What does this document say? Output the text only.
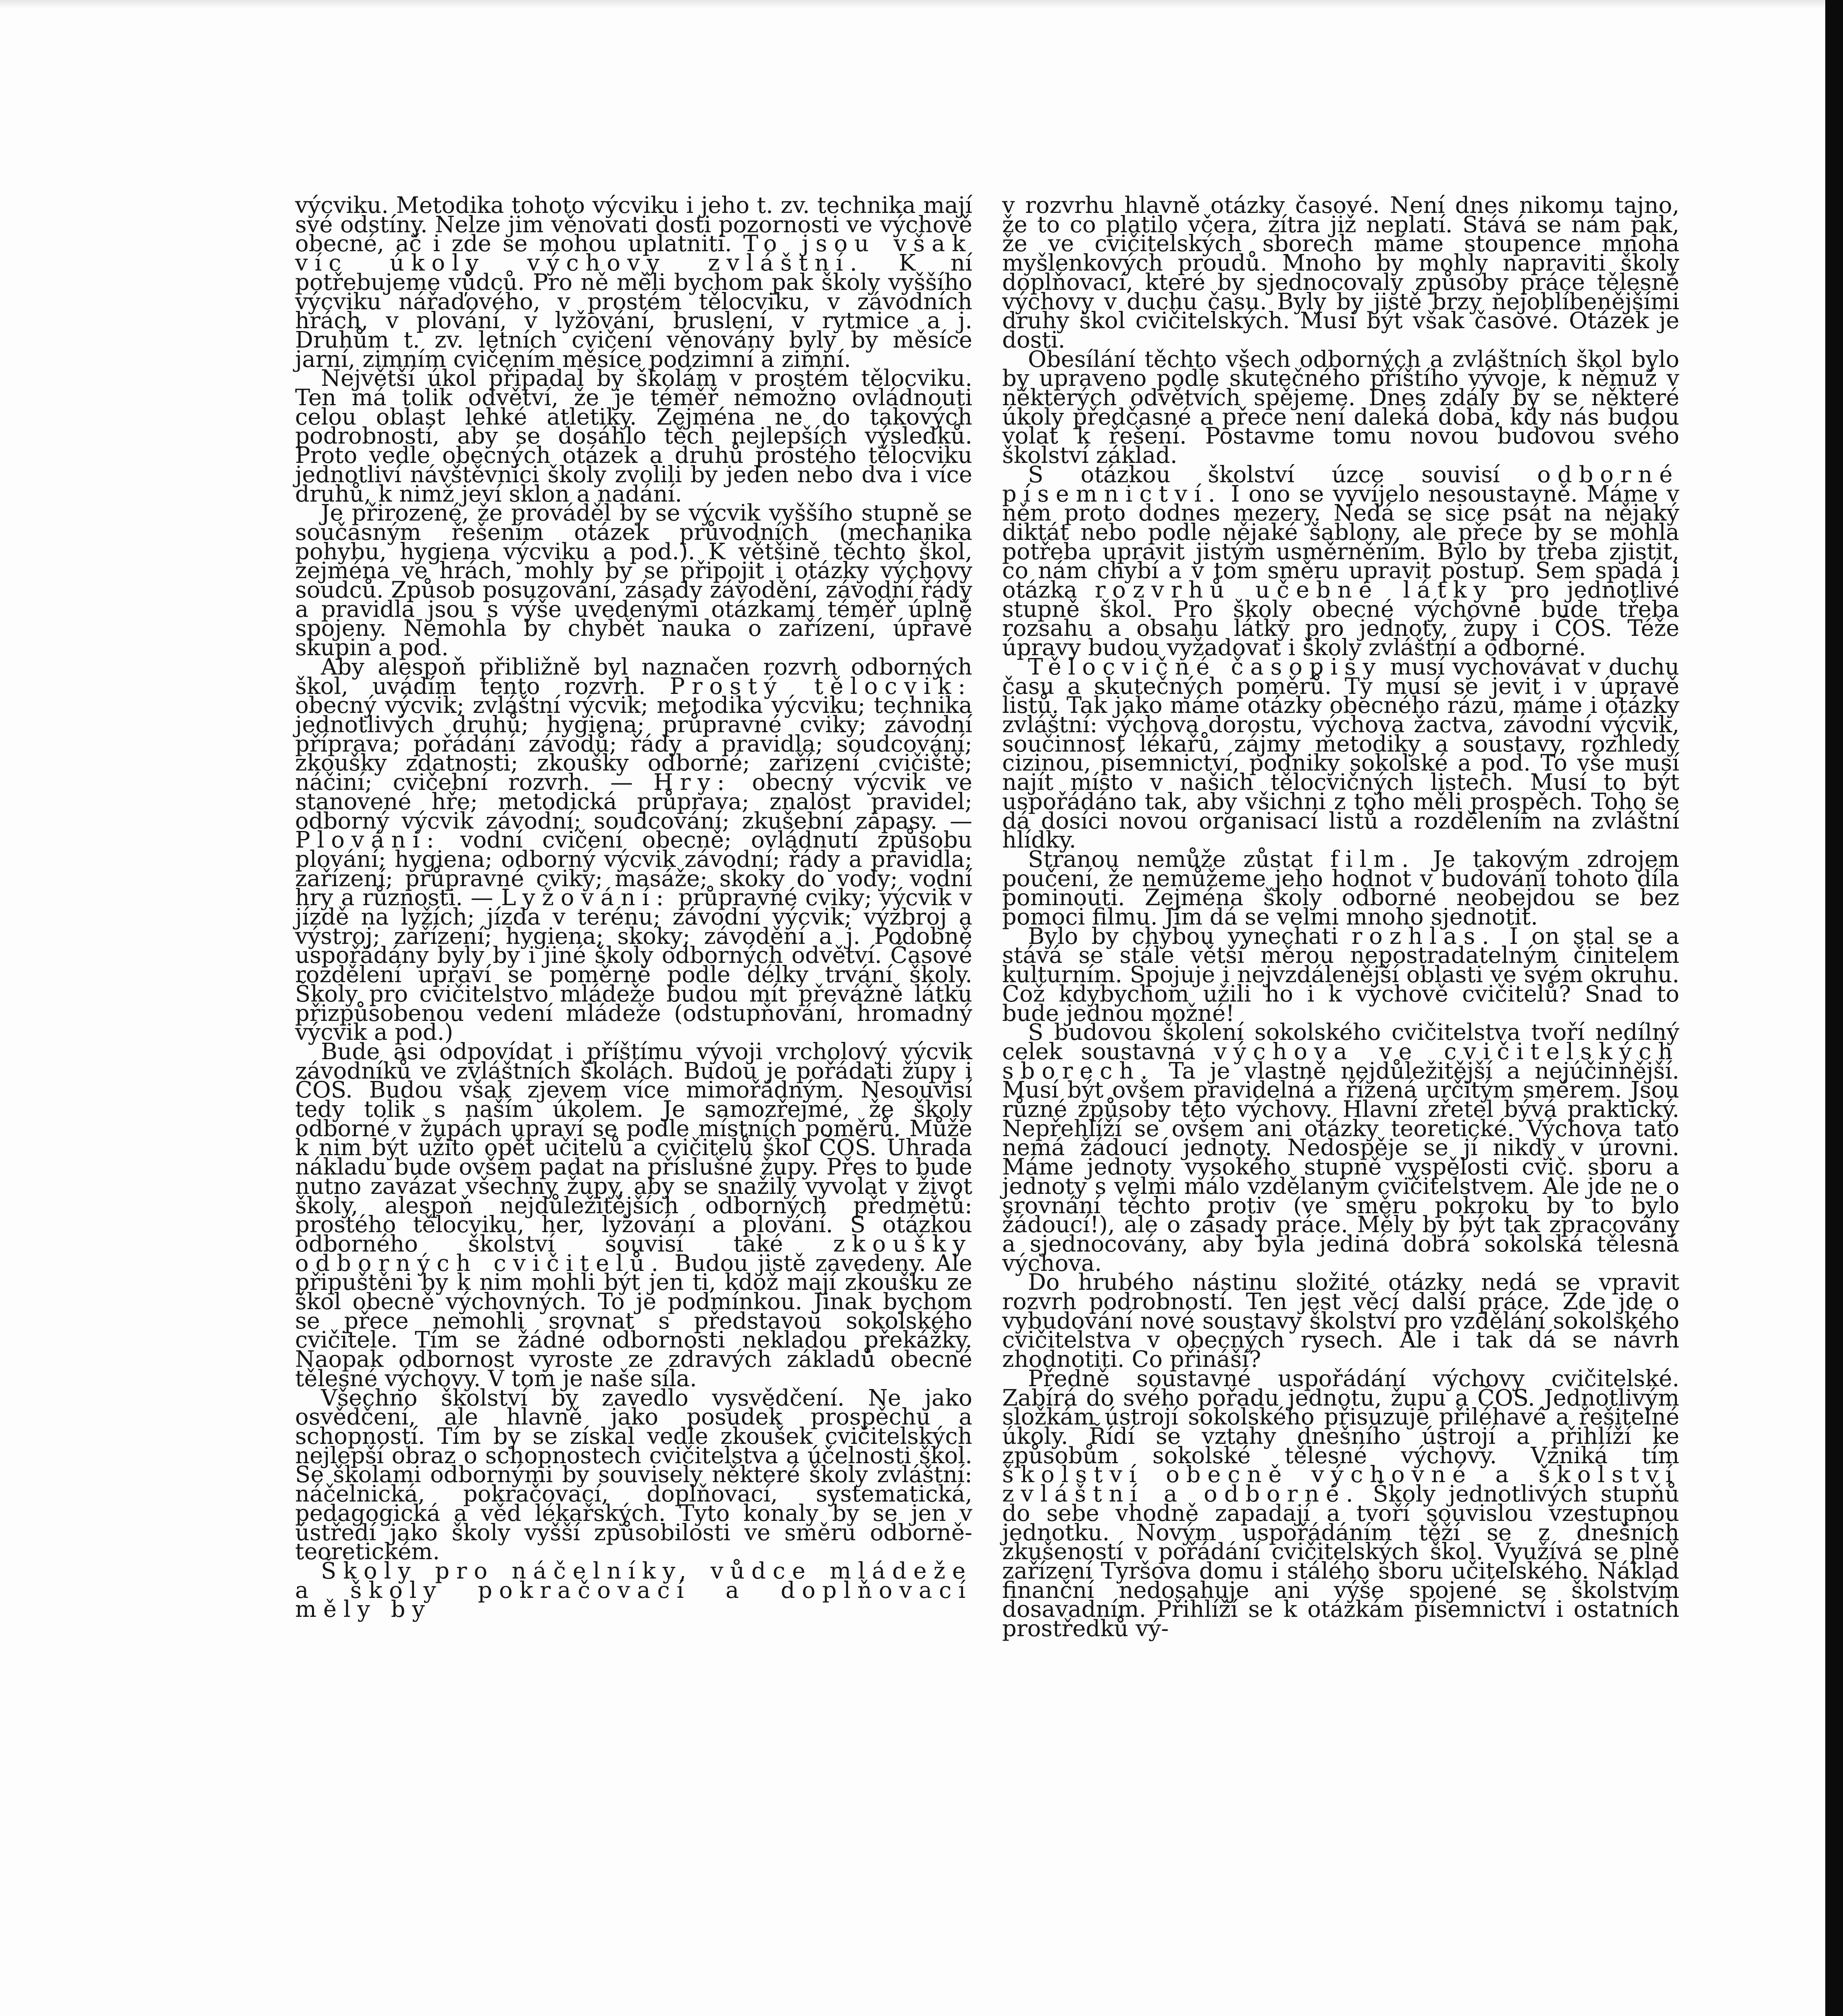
výcviku. Metodika tohoto výcviku i jeho t. zv. technika mají své odstíny. Nelze jim věnovati dosti pozornosti ve výchově obecné, ač i zde se mohou uplatniti. To jsou však víc úkoly výchovy zvláštní. K ní potřebujeme vůdců. Pro ně měli bychom pak školy vyššího výcviku nářaďového, v prostém tělocviku, v závodních hrách, v plování, v lyžování, bruslení, v rytmice a j. Druhům t. zv. letních cvičení věnovány byly by měsíce jarní, zimním cvičením měsíce podzimní a zimní.

Největší úkol připadal by školám v prostém tělocviku. Ten má tolik odvětví, že je téměř nemožno ovládnouti celou oblast lehké atletiky. Zejména ne do takových podrobností, aby se dosáhlo těch nejlepších výsledků. Proto vedle obecných otázek a druhů prostého tělocviku jednotliví návštěvníci školy zvolili by jeden nebo dva i více druhů, k nimž jeví sklon a nadání.

Je přirozené, že prováděl by se výcvik vyššího stupně se současným řešením otázek průvodních (mechanika pohybu, hygiena výcviku a pod.). K většině těchto škol, zejména ve hrách, mohly by se připojit i otázky výchovy soudců. Způsob posuzování, zásady závodění, závodní řády a pravidla jsou s výše uvedenými otázkami téměř úplně spojeny. Nemohla by chybět nauka o zařízení, úpravě skupin a pod.

Aby alespoň přibližně byl naznačen rozvrh odborných škol, uvádím tento rozvrh. Prostý tělocvik: obecný výcvik; zvláštní výcvik; metodika výcviku; technika jednotlivých druhů; hygiena; průpravné cviky; závodní příprava; pořádání závodů; řády a pravidla; soudcování; zkoušky zdatnosti; zkoušky odborné; zařízení cvičiště; náčiní; cvičební rozvrh. — Hry: obecný výcvik ve stanovené hře; metodická průprava; znalost pravidel; odborný výcvik závodní; soudcování; zkušební zápasy. — Plování: vodní cvičení obecně; ovládnutí způsobu plování; hygiena; odborný výcvik závodní; řády a pravidla; zařízení; průpravné cviky; masáže; skoky do vody; vodní hry a různosti. — Lyžování: průpravné cviky; výcvik v jízdě na lyžích; jízda v terénu; závodní výcvik; výzbroj a výstroj; zařízení; hygiena; skoky; závodění a j. Podobně uspořádány byly by i jiné školy odborných odvětví. Časové rozdělení upraví se poměrně podle délky trvání školy. Školy pro cvičitelstvo mládeže budou mít převážně látku přizpůsobenou vedení mládeže (odstupňování, hromadný výcvik a pod.)

Bude asi odpovídat i příštímu vývoji vrcholový výcvik závodníků ve zvláštních školách. Budou je pořádati župy i ČOS. Budou však zjevem více mimořádným. Nesouvisí tedy tolik s naším úkolem. Je samozřejmé, že školy odborné v župách upraví se podle místních poměrů. Může k nim být užito opět učitelů a cvičitelů škol ČOS. Úhrada nákladu bude ovšem padat na příslušné župy. Přes to bude nutno zavázat všechny župy, aby se snažily vyvolat v život školy, alespoň nejdůležitějších odborných předmětů: prostého tělocviku, her, lyžování a plování. S otázkou odborného školství souvisí také zkoušky odborných cvičitelů. Budou jistě zavedeny. Ale připuštěni by k nim mohli být jen ti, kdož mají zkoušku ze škol obecně výchovných. To je podmínkou. Jinak bychom se přece nemohli srovnat s představou sokolského cvičitele. Tím se žádné odbornosti nekladou překážky. Naopak odbornost vyroste ze zdravých základů obecné tělesné výchovy. V tom je naše síla.

Všechno školství by zavedlo vysvědčení. Ne jako osvědčení, ale hlavně jako posudek prospěchu a schopností. Tím by se získal vedle zkoušek cvičitelských nejlepší obraz o schopnostech cvičitelstva a účelnosti škol. Se školami odbornými by souvisely některé školy zvláštní: náčelnická, pokračovací, doplňovací, systematická, pedagogická a věd lékařských. Tyto konaly by se jen v ústředí jako školy vyšší způsobilosti ve směru odborně-teoretickém.

Školy pro náčelníky, vůdce mládeže a školy pokračovací a doplňovací měly by

v rozvrhu hlavně otázky časové. Není dnes nikomu tajno, že to co platilo včera, zítra již neplatí. Stává se nám pak, že ve cvičitelských sborech máme stoupence mnoha myšlenkových proudů. Mnoho by mohly napraviti školy doplňovací, které by sjednocovaly způsoby práce tělesné výchovy v duchu času. Byly by jistě brzy nejoblíbenějšími druhy škol cvičitelských. Musí být však časové. Otázek je dosti.

Obesílání těchto všech odborných a zvláštních škol bylo by upraveno podle skutečného příštího vývoje, k němuž v některých odvětvích spějeme. Dnes zdály by se některé úkoly předčasné a přece není daleká doba, kdy nás budou volat k řešení. Postavme tomu novou budovou svého školství základ.

S otázkou školství úzce souvisí odborné písemnictví. I ono se vyvíjelo nesoustavně. Máme v něm proto dodnes mezery. Nedá se sice psát na nějaký diktát nebo podle nějaké šablony, ale přece by se mohla potřeba upravit jistým usměrněním. Bylo by třeba zjistit, co nám chybí a v tom směru upravit postup. Sem spadá i otázka rozvrhů učebné látky pro jednotlivé stupně škol. Pro školy obecné výchovné bude třeba rozsahu a obsahu látky pro jednoty, župy i ČOS. Téže úpravy budou vyžadovat i školy zvláštní a odborné.

Tělocvičné časopisy musí vychovávat v duchu času a skutečných poměrů. Ty musí se jevit i v úpravě listů. Tak jako máme otázky obecného rázu, máme i otázky zvláštní: výchova dorostu, výchova žactva, závodní výcvik, součinnost lékařů, zájmy metodiky a soustavy, rozhledy cizinou, písemnictví, podniky sokolské a pod. To vše musí najít místo v našich tělocvičných listech. Musí to být uspořádáno tak, aby všichni z toho měli prospěch. Toho se dá dosíci novou organisací listů a rozdělením na zvláštní hlídky.

Stranou nemůže zůstat film. Je takovým zdrojem poučení, že nemůžeme jeho hodnot v budování tohoto díla pominouti. Zejména školy odborné neobejdou se bez pomoci filmu. Jím dá se velmi mnoho sjednotit.

Bylo by chybou vynechati rozhlas. I on stal se a stává se stále větší měrou nepostradatelným činitelem kulturním. Spojuje i nejvzdálenější oblasti ve svém okruhu. Což kdybychom užili ho i k výchově cvičitelů? Snad to bude jednou možné!

S budovou školení sokolského cvičitelstva tvoří nedílný celek soustavná výchova ve cvičitelských sborech. Ta je vlastně nejdůležitější a nejúčinnější. Musí být ovšem pravidelná a řízená určitým směrem. Jsou různé způsoby této výchovy. Hlavní zřetel bývá praktický. Nepřehlíží se ovšem ani otázky teoretické. Výchova tato nemá žádoucí jednoty. Nedospěje se jí nikdy v úrovni. Máme jednoty vysokého stupně vyspělosti cvič. sboru a jednoty s velmi málo vzdělaným cvičitelstvem. Ale jde ne o srovnání těchto protiv (ve směru pokroku by to bylo žádoucí!), ale o zásady práce. Měly by být tak zpracovány a sjednocovány, aby byla jediná dobrá sokolská tělesná výchova.

Do hrubého nástinu složité otázky nedá se vpravit rozvrh podrobností. Ten jest věcí další práce. Zde jde o vybudování nové soustavy školství pro vzdělání sokolského cvičitelstva v obecných rysech. Ale i tak dá se návrh zhodnotiti. Co přináší?

Předně soustavné uspořádání výchovy cvičitelské. Zabírá do svého pořadu jednotu, župu a ČOS. Jednotlivým složkám ústrojí sokolského přisuzuje přiléhavé a řešitelné úkoly. Řídí se vztahy dnešního ústrojí a přihlíží ke způsobům sokolské tělesné výchovy. Vzniká tím školství obecně výchovné a školství zvláštní a odborné. Školy jednotlivých stupňů do sebe vhodně zapadají a tvoří souvislou vzestupnou jednotku. Novým uspořádáním těží se z dnešních zkušeností v pořádání cvičitelských škol. Využívá se plně zařízení Tyršova domu i stálého sboru učitelského. Náklad finanční nedosahuje ani výše spojené se školstvím dosavadním. Přihlíží se k otázkám písemnictví i ostatních prostředků vý-
